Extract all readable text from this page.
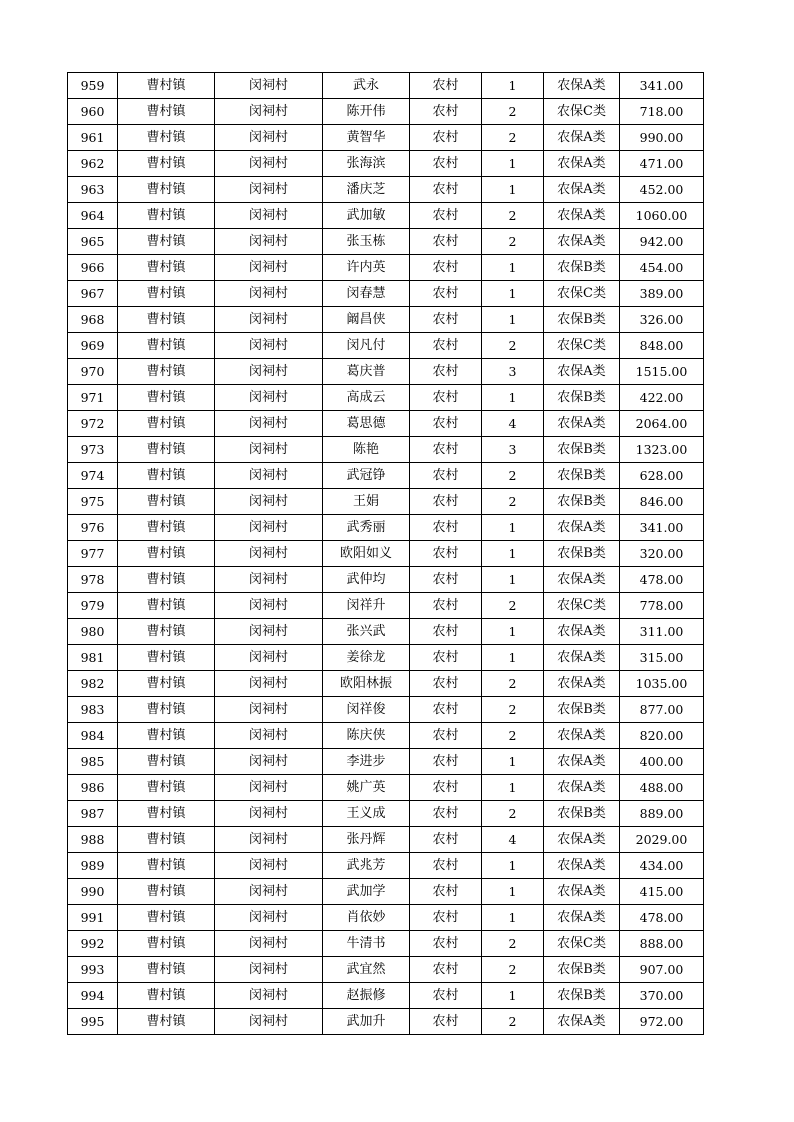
959	曹村镇	闵祠村	武永	农村	1	农保A类	341.00
960	曹村镇	闵祠村	陈开伟	农村	2	农保C类	718.00
961	曹村镇	闵祠村	黄智华	农村	2	农保A类	990.00
962	曹村镇	闵祠村	张海滨	农村	1	农保A类	471.00
963	曹村镇	闵祠村	潘庆芝	农村	1	农保A类	452.00
964	曹村镇	闵祠村	武加敏	农村	2	农保A类	1060.00
965	曹村镇	闵祠村	张玉栋	农村	2	农保A类	942.00
966	曹村镇	闵祠村	许内英	农村	1	农保B类	454.00
967	曹村镇	闵祠村	闵春慧	农村	1	农保C类	389.00
968	曹村镇	闵祠村	阚昌侠	农村	1	农保B类	326.00
969	曹村镇	闵祠村	闵凡付	农村	2	农保C类	848.00
970	曹村镇	闵祠村	葛庆普	农村	3	农保A类	1515.00
971	曹村镇	闵祠村	高成云	农村	1	农保B类	422.00
972	曹村镇	闵祠村	葛思德	农村	4	农保A类	2064.00
973	曹村镇	闵祠村	陈艳	农村	3	农保B类	1323.00
974	曹村镇	闵祠村	武冠铮	农村	2	农保B类	628.00
975	曹村镇	闵祠村	王娟	农村	2	农保B类	846.00
976	曹村镇	闵祠村	武秀丽	农村	1	农保A类	341.00
977	曹村镇	闵祠村	欧阳如义	农村	1	农保B类	320.00
978	曹村镇	闵祠村	武仲均	农村	1	农保A类	478.00
979	曹村镇	闵祠村	闵祥升	农村	2	农保C类	778.00
980	曹村镇	闵祠村	张兴武	农村	1	农保A类	311.00
981	曹村镇	闵祠村	姜徐龙	农村	1	农保A类	315.00
982	曹村镇	闵祠村	欧阳林振	农村	2	农保A类	1035.00
983	曹村镇	闵祠村	闵祥俊	农村	2	农保B类	877.00
984	曹村镇	闵祠村	陈庆侠	农村	2	农保A类	820.00
985	曹村镇	闵祠村	李进步	农村	1	农保A类	400.00
986	曹村镇	闵祠村	姚广英	农村	1	农保A类	488.00
987	曹村镇	闵祠村	王义成	农村	2	农保B类	889.00
988	曹村镇	闵祠村	张丹辉	农村	4	农保A类	2029.00
989	曹村镇	闵祠村	武兆芳	农村	1	农保A类	434.00
990	曹村镇	闵祠村	武加学	农村	1	农保A类	415.00
991	曹村镇	闵祠村	肖依妙	农村	1	农保A类	478.00
992	曹村镇	闵祠村	牛清书	农村	2	农保C类	888.00
993	曹村镇	闵祠村	武宜然	农村	2	农保B类	907.00
994	曹村镇	闵祠村	赵振修	农村	1	农保B类	370.00
995	曹村镇	闵祠村	武加升	农村	2	农保A类	972.00
